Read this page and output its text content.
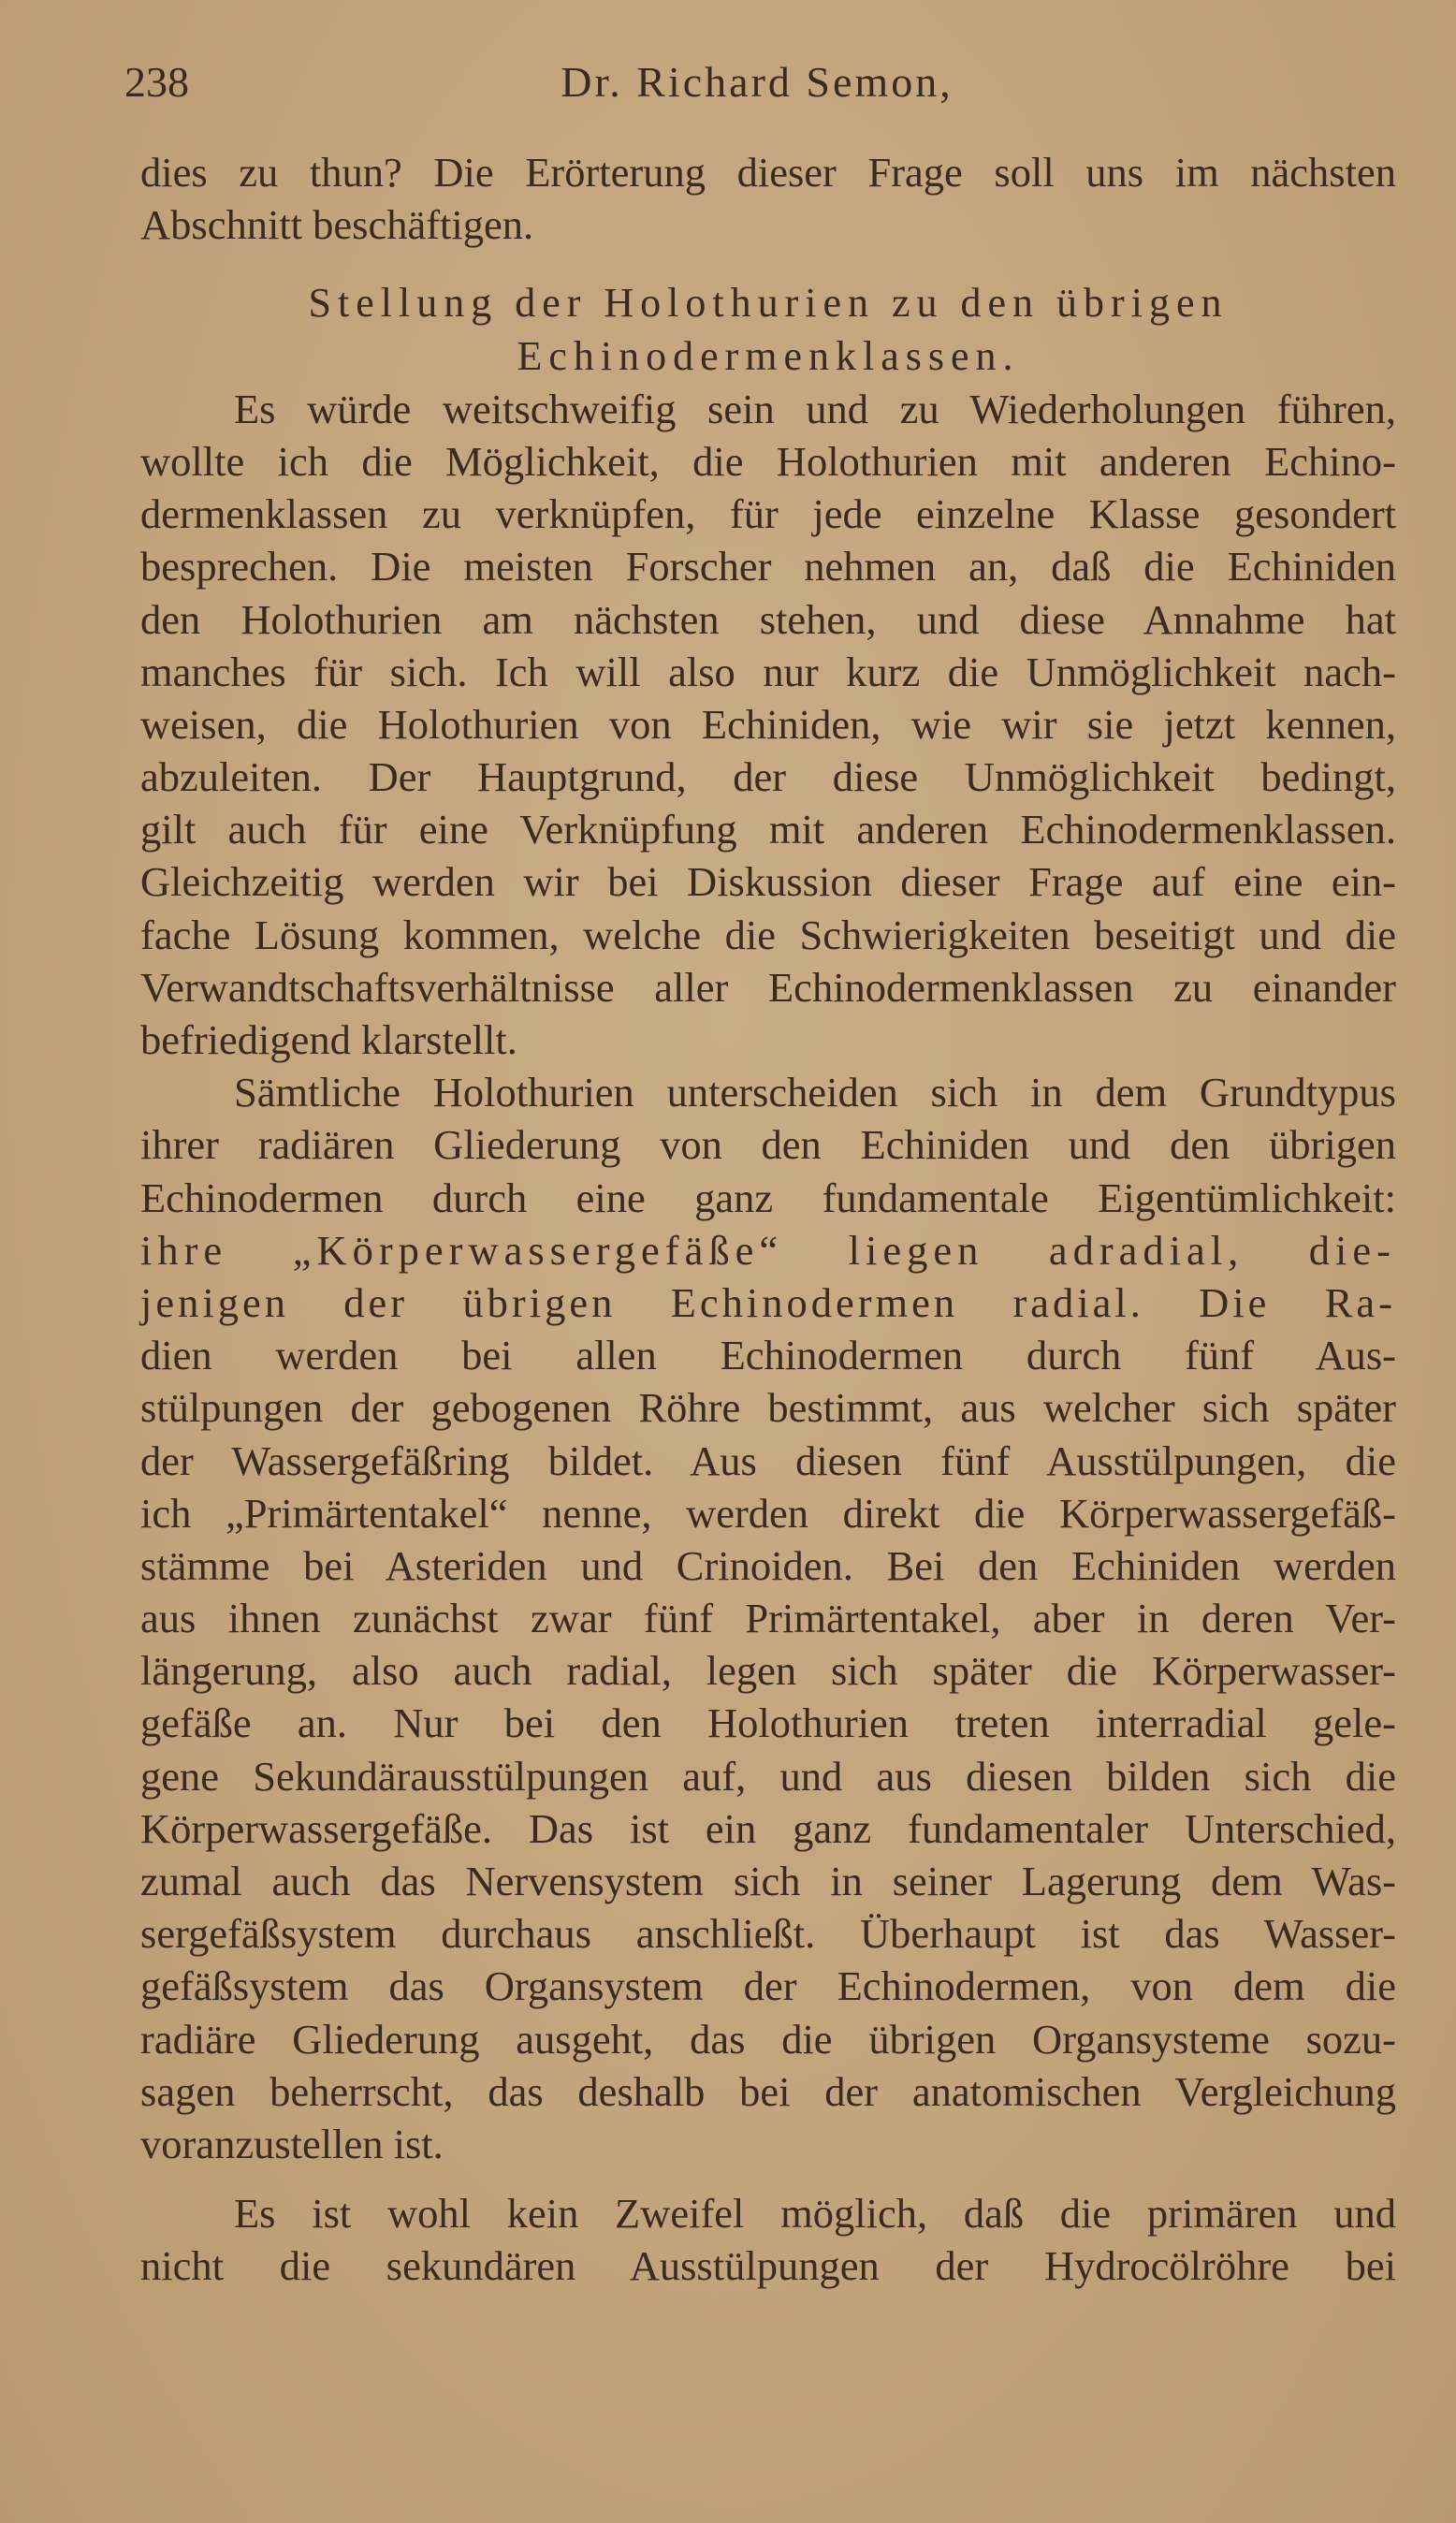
238	Dr. Richard Semon,
dies zu thun? Die Erörterung dieser Frage soll uns im nächsten
Abschnitt beschäftigen.
Stellung der Holothurien zu den übrigen
Echinodermenklassen.
Es würde weitschweifig sein und zu Wiederholungen führen,
wollte ich die Möglichkeit, die Holothurien mit anderen Echino-
dermenklassen zu verknüpfen, für jede einzelne Klasse gesondert
besprechen. Die meisten Forscher nehmen an, daß die Echiniden
den Holothurien am nächsten stehen, und diese Annahme hat
manches für sich. Ich will also nur kurz die Unmöglichkeit nach-
weisen, die Holothurien von Echiniden, wie wir sie jetzt kennen,
abzuleiten. Der Hauptgrund, der diese Unmöglichkeit bedingt,
gilt auch für eine Verknüpfung mit anderen Echinodermenklassen.
Gleichzeitig werden wir bei Diskussion dieser Frage auf eine ein-
fache Lösung kommen, welche die Schwierigkeiten beseitigt und die
Verwandtschaftsverhältnisse aller Echinodermenklassen zu einander
befriedigend klarstellt.
Sämtliche Holothurien unterscheiden sich in dem Grundtypus
ihrer radiären Gliederung von den Echiniden und den übrigen
Echinodermen durch eine ganz fundamentale Eigentümlichkeit:
ihre „Körperwassergefäße“ liegen adradial, die-
jenigen der übrigen Echinodermen radial. Die Ra-
dien werden bei allen Echinodermen durch fünf Aus-
stülpungen der gebogenen Röhre bestimmt, aus welcher sich später
der Wassergefäßring bildet. Aus diesen fünf Ausstülpungen, die
ich „Primärtentakel“ nenne, werden direkt die Körperwassergefäß-
stämme bei Asteriden und Crinoiden. Bei den Echiniden werden
aus ihnen zunächst zwar fünf Primärtentakel, aber in deren Ver-
längerung, also auch radial, legen sich später die Körperwasser-
gefäße an. Nur bei den Holothurien treten interradial gele-
gene Sekundärausstülpungen auf, und aus diesen bilden sich die
Körperwassergefäße. Das ist ein ganz fundamentaler Unterschied,
zumal auch das Nervensystem sich in seiner Lagerung dem Was-
sergefäßsystem durchaus anschließt. Überhaupt ist das Wasser-
gefäßsystem das Organsystem der Echinodermen, von dem die
radiäre Gliederung ausgeht, das die übrigen Organsysteme sozu-
sagen beherrscht, das deshalb bei der anatomischen Vergleichung
voranzustellen ist.
Es ist wohl kein Zweifel möglich, daß die primären und
nicht die sekundären Ausstülpungen der Hydrocölröhre bei
